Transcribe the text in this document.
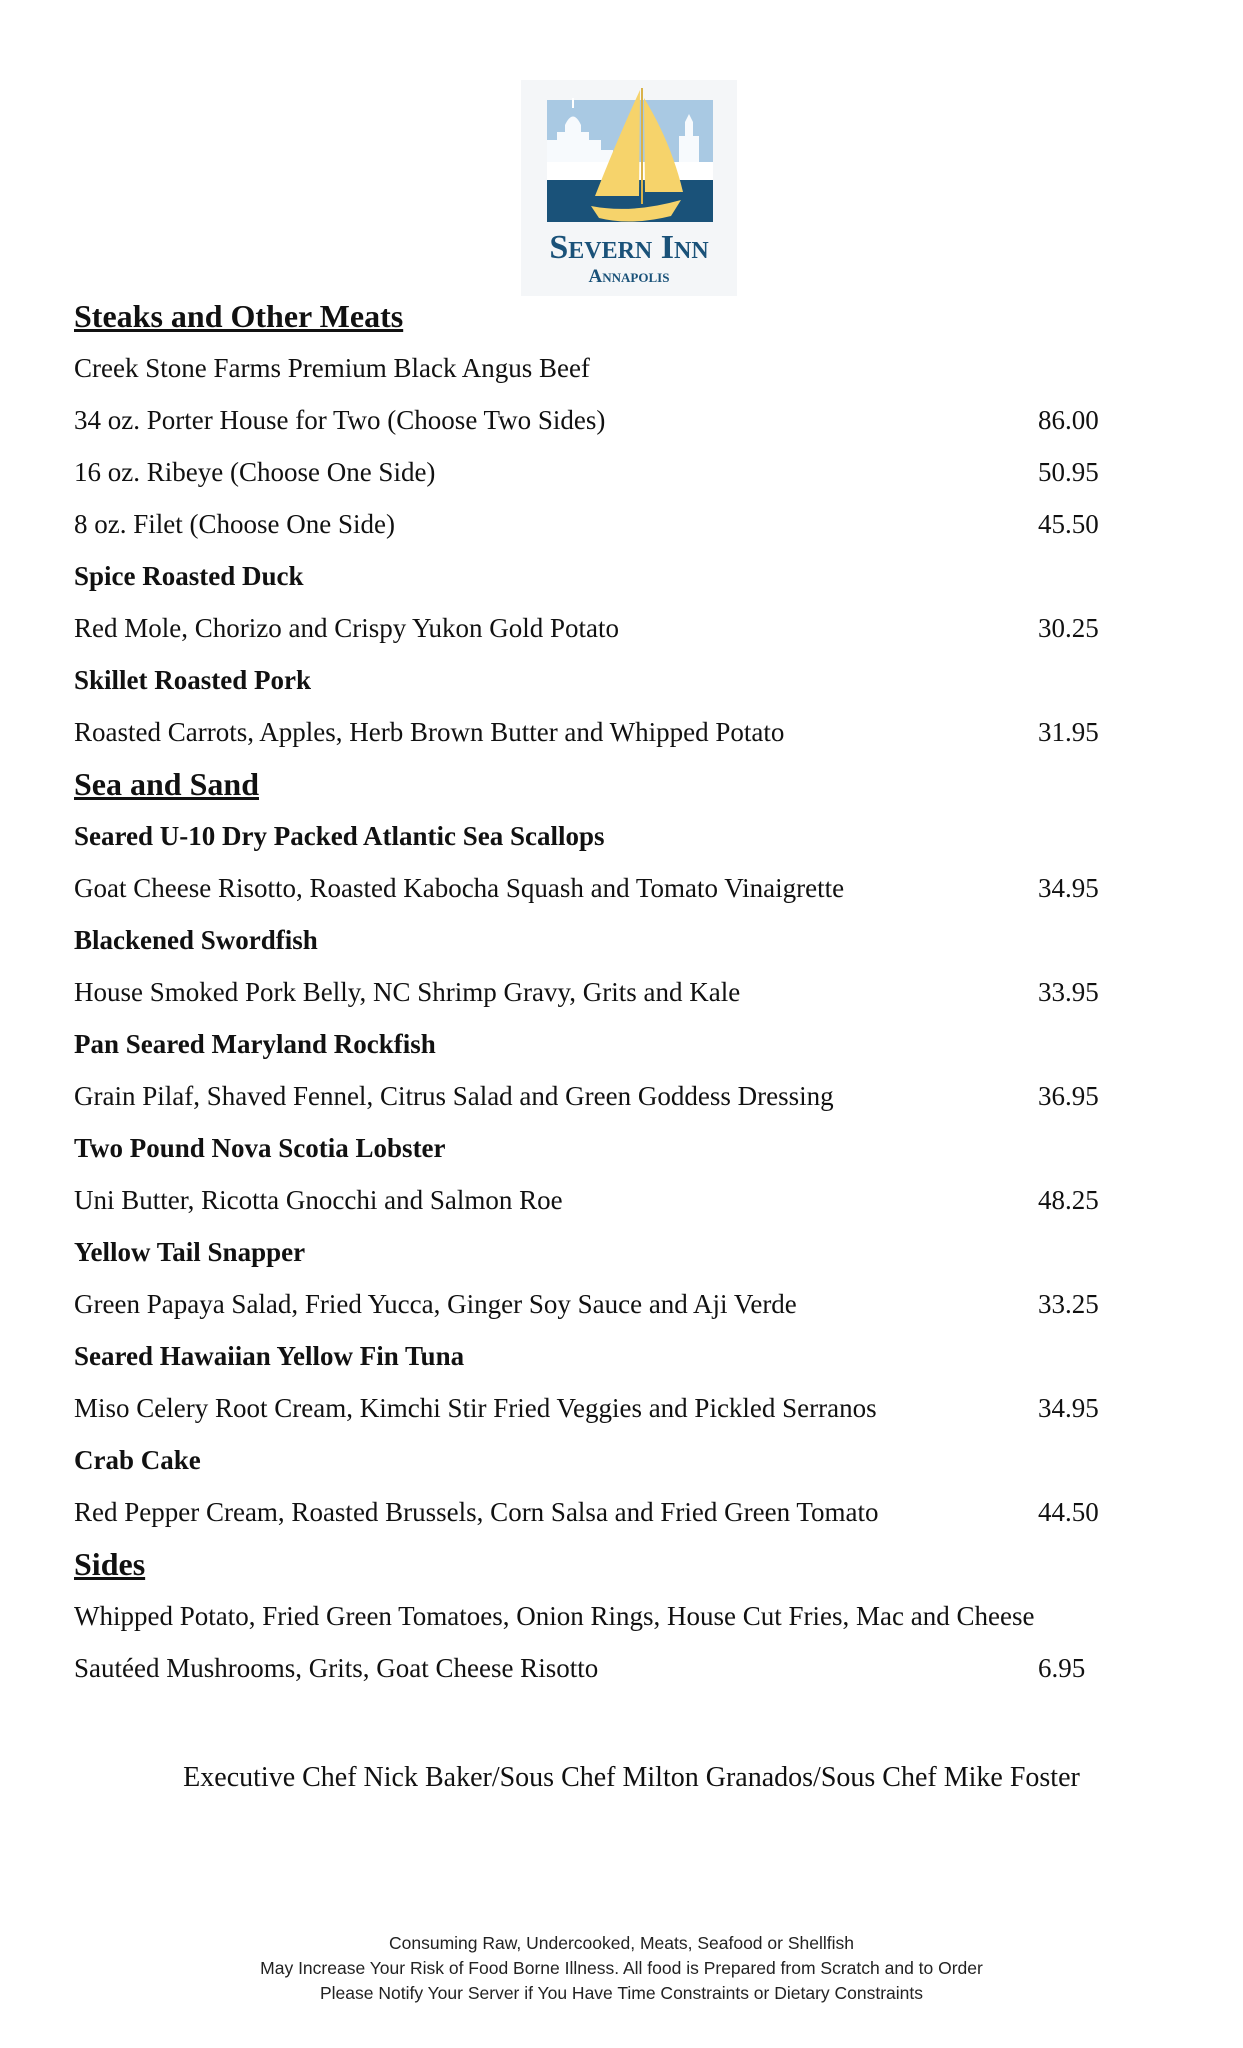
Severn Inn
Annapolis
Steaks and Other Meats
Creek Stone Farms Premium Black Angus Beef
34 oz. Porter House for Two (Choose Two Sides)	86.00
16 oz. Ribeye (Choose One Side)	50.95
8 oz. Filet (Choose One Side)	45.50
Spice Roasted Duck
Red Mole, Chorizo and Crispy Yukon Gold Potato	30.25
Skillet Roasted Pork
Roasted Carrots, Apples, Herb Brown Butter and Whipped Potato	31.95
Sea and Sand
Seared U-10 Dry Packed Atlantic Sea Scallops
Goat Cheese Risotto, Roasted Kabocha Squash and Tomato Vinaigrette	34.95
Blackened Swordfish
House Smoked Pork Belly, NC Shrimp Gravy, Grits and Kale	33.95
Pan Seared Maryland Rockfish
Grain Pilaf, Shaved Fennel, Citrus Salad and Green Goddess Dressing	36.95
Two Pound Nova Scotia Lobster
Uni Butter, Ricotta Gnocchi and Salmon Roe	48.25
Yellow Tail Snapper
Green Papaya Salad, Fried Yucca, Ginger Soy Sauce and Aji Verde	33.25
Seared Hawaiian Yellow Fin Tuna
Miso Celery Root Cream, Kimchi Stir Fried Veggies and Pickled Serranos	34.95
Crab Cake
Red Pepper Cream, Roasted Brussels, Corn Salsa and Fried Green Tomato	44.50
Sides
Whipped Potato, Fried Green Tomatoes, Onion Rings, House Cut Fries, Mac and Cheese
Sautéed Mushrooms, Grits, Goat Cheese Risotto	6.95
Executive Chef Nick Baker/Sous Chef Milton Granados/Sous Chef Mike Foster
Consuming Raw, Undercooked, Meats, Seafood or Shellfish
May Increase Your Risk of Food Borne Illness. All food is Prepared from Scratch and to Order
Please Notify Your Server if You Have Time Constraints or Dietary Constraints
